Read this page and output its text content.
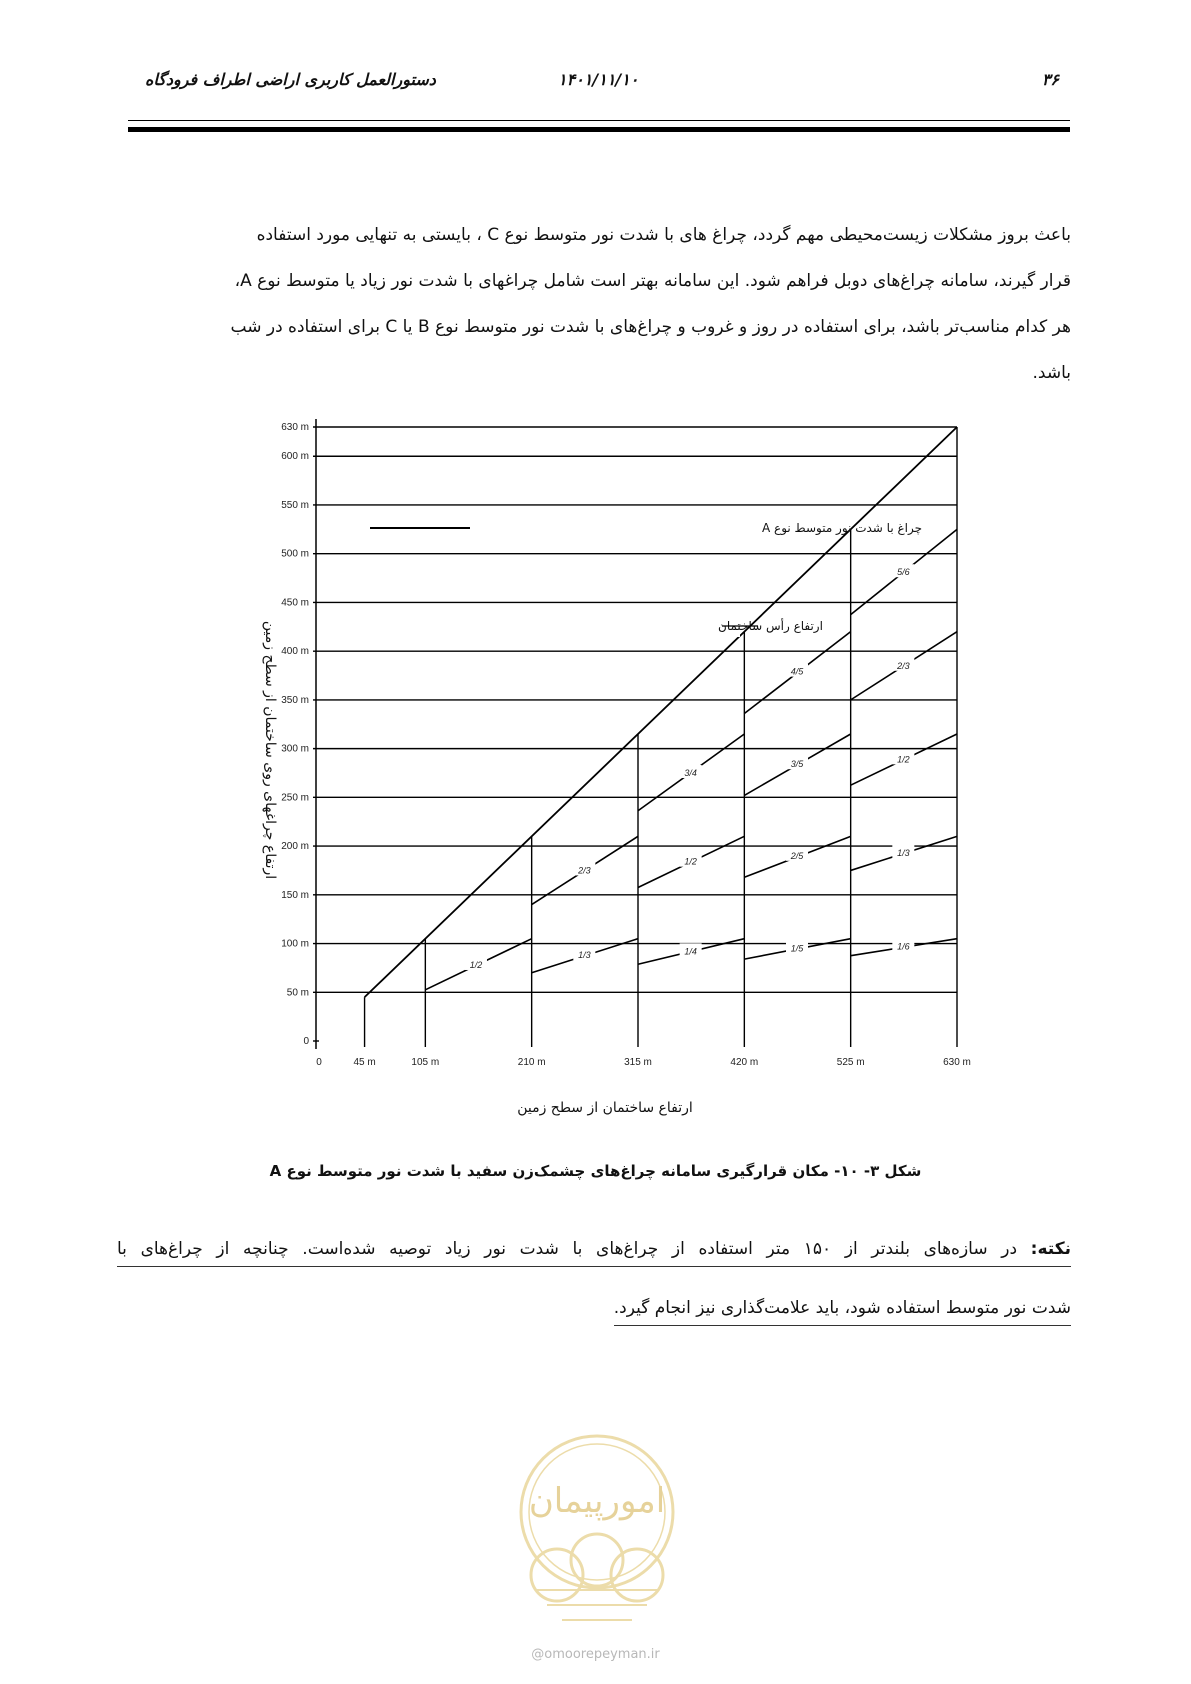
۳۶
۱۴۰۱/۱۱/۱۰
دستورالعمل کاربری اراضی اطراف فرودگاه

باعث بروز مشکلات زیست‌محیطی مهم گردد، چراغ های با شدت نور متوسط نوع C ، بایستی به تنهایی مورد استفاده

قرار گیرند، سامانه چراغ‌های دوبل فراهم شود. این سامانه بهتر است شامل چراغهای با شدت نور زیاد یا متوسط نوع A،

هر کدام مناسب‌تر باشد، برای استفاده در روز و غروب و چراغ‌های با شدت نور متوسط نوع B یا C برای استفاده در شب

باشد.

0
50 m
100 m
150 m
200 m
250 m
300 m
350 m
400 m
450 m
500 m
550 m
600 m
630 m
0	45 m	105 m	210 m	315 m	420 m	525 m	630 m
1/2
1/3
2/3
1/4
1/2
3/4
1/5
2/5
3/5
4/5
1/6
1/3
1/2
2/3
5/6
چراغ با شدت نور متوسط نوع A
ارتفاع رأس ساختمان
ارتفاع ساختمان از سطح زمین
ارتفاع چراغهای روی ساختمان از سطح زمین
شکل ۳- ۱۰- مکان قرارگیری سامانه چراغ‌های چشمک‌زن سفید با شدت نور متوسط نوع A
نکته: در سازه‌های بلندتر از ۱۵۰ متر استفاده از چراغ‌های با شدت نور زیاد توصیه شده‌است. چنانچه از چراغ‌های با
شدت نور متوسط استفاده شود، باید علامت‌گذاری نیز انجام گیرد.
امورپیمان
@omoorepeyman.ir
